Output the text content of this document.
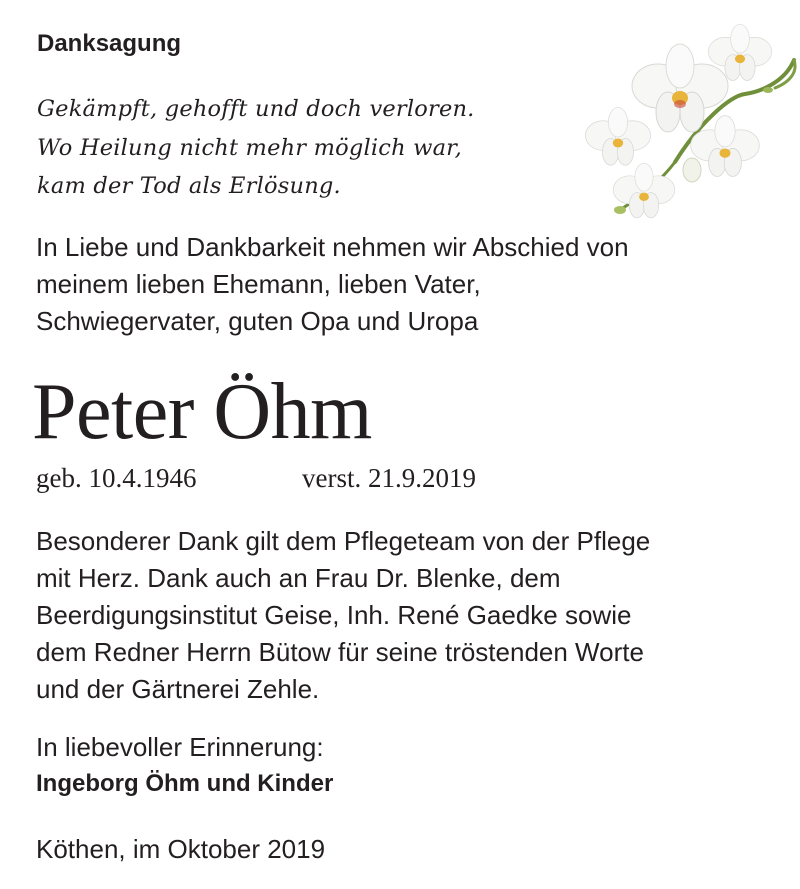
Danksagung
Gekämpft, gehofft und doch verloren.
Wo Heilung nicht mehr möglich war,
kam der Tod als Erlösung.
In Liebe und Dankbarkeit nehmen wir Abschied von
meinem lieben Ehemann, lieben Vater,
Schwiegervater, guten Opa und Uropa
Peter Öhm
geb. 10.4.1946	verst. 21.9.2019
Besonderer Dank gilt dem Pflegeteam von der Pflege
mit Herz. Dank auch an Frau Dr. Blenke, dem
Beerdigungsinstitut Geise, Inh. René Gaedke sowie
dem Redner Herrn Bütow für seine tröstenden Worte
und der Gärtnerei Zehle.
In liebevoller Erinnerung:
Ingeborg Öhm und Kinder
Köthen, im Oktober 2019
